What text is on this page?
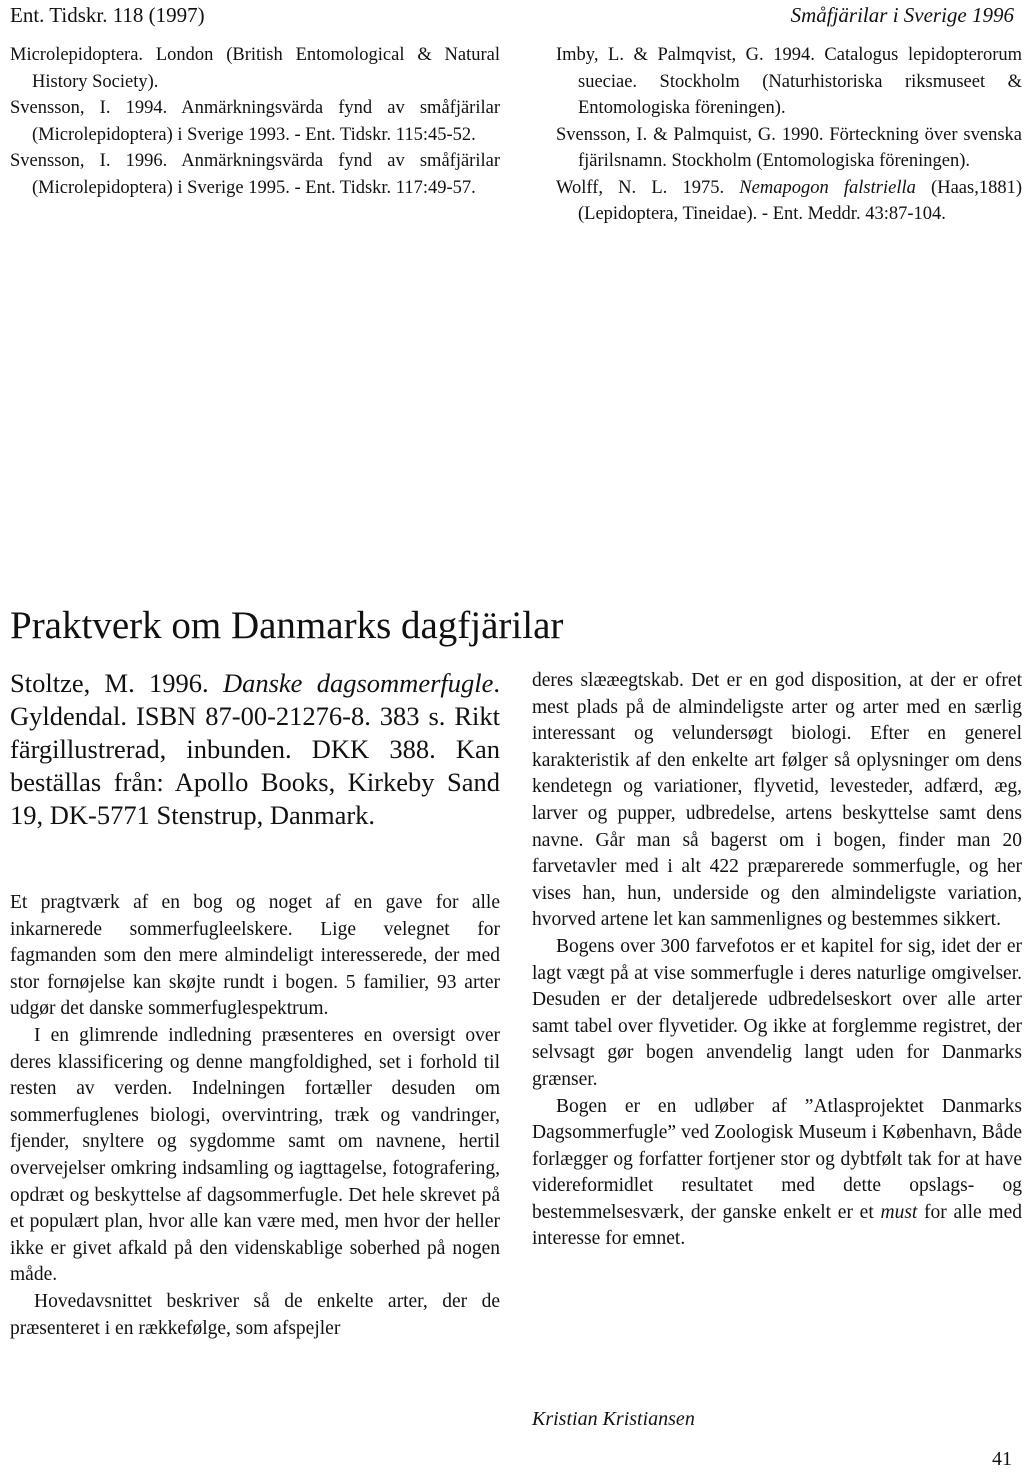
Ent. Tidskr. 118 (1997)	Småfjärilar i Sverige 1996

Microlepidoptera. London (British Entomological & Natural History Society).

Svensson, I. 1994. Anmärkningsvärda fynd av småfjärilar (Microlepidoptera) i Sverige 1993. - Ent. Tidskr. 115:45-52.

Svensson, I. 1996. Anmärkningsvärda fynd av småfjärilar (Microlepidoptera) i Sverige 1995. - Ent. Tidskr. 117:49-57.

Imby, L. & Palmqvist, G. 1994. Catalogus lepidopterorum sueciae. Stockholm (Naturhistoriska riksmuseet & Entomologiska föreningen).

Svensson, I. & Palmquist, G. 1990. Förteckning över svenska fjärilsnamn. Stockholm (Entomologiska föreningen).

Wolff, N. L. 1975. Nemapogon falstriella (Haas,1881) (Lepidoptera, Tineidae). - Ent. Meddr. 43:87-104.

Praktverk om Danmarks dagfjärilar

Stoltze, M. 1996. Danske dagsommerfugle. Gyldendal. ISBN 87-00-21276-8. 383 s. Rikt färgillustrerad, inbunden. DKK 388. Kan beställas från: Apollo Books, Kirkeby Sand 19, DK-5771 Stenstrup, Danmark.

Et pragtværk af en bog og noget af en gave for alle inkarnerede sommerfugleelskere. Lige velegnet for fagmanden som den mere almindeligt interesserede, der med stor fornøjelse kan skøjte rundt i bogen. 5 familier, 93 arter udgør det danske sommerfuglespektrum.

I en glimrende indledning præsenteres en oversigt over deres klassificering og denne mangfoldighed, set i forhold til resten av verden. Indelningen fortæller desuden om sommerfuglenes biologi, overvintring, træk og vandringer, fjender, snyltere og sygdomme samt om navnene, hertil overvejelser omkring indsamling og iagttagelse, fotografering, opdræt og beskyttelse af dagsommerfugle. Det hele skrevet på et populært plan, hvor alle kan være med, men hvor der heller ikke er givet afkald på den videnskablige soberhed på nogen måde.

Hovedavsnittet beskriver så de enkelte arter, der de præsenteret i en rækkefølge, som afspejler

deres slææegtskab. Det er en god disposition, at der er ofret mest plads på de almindeligste arter og arter med en særlig interessant og velundersøgt biologi. Efter en generel karakteristik af den enkelte art følger så oplysninger om dens kendetegn og variationer, flyvetid, levesteder, adfærd, æg, larver og pupper, udbredelse, artens beskyttelse samt dens navne. Går man så bagerst om i bogen, finder man 20 farvetavler med i alt 422 præparerede sommerfugle, og her vises han, hun, underside og den almindeligste variation, hvorved artene let kan sammenlignes og bestemmes sikkert.

Bogens over 300 farvefotos er et kapitel for sig, idet der er lagt vægt på at vise sommerfugle i deres naturlige omgivelser. Desuden er der detaljerede udbredelseskort over alle arter samt tabel over flyvetider. Og ikke at forglemme registret, der selvsagt gør bogen anvendelig langt uden for Danmarks grænser.

Bogen er en udløber af ”Atlasprojektet Danmarks Dagsommerfugle” ved Zoologisk Museum i København, Både forlægger og forfatter fortjener stor og dybtfølt tak for at have videreformidlet resultatet med dette opslags- og bestemmelsesværk, der ganske enkelt er et must for alle med interesse for emnet.

Kristian Kristiansen

41
